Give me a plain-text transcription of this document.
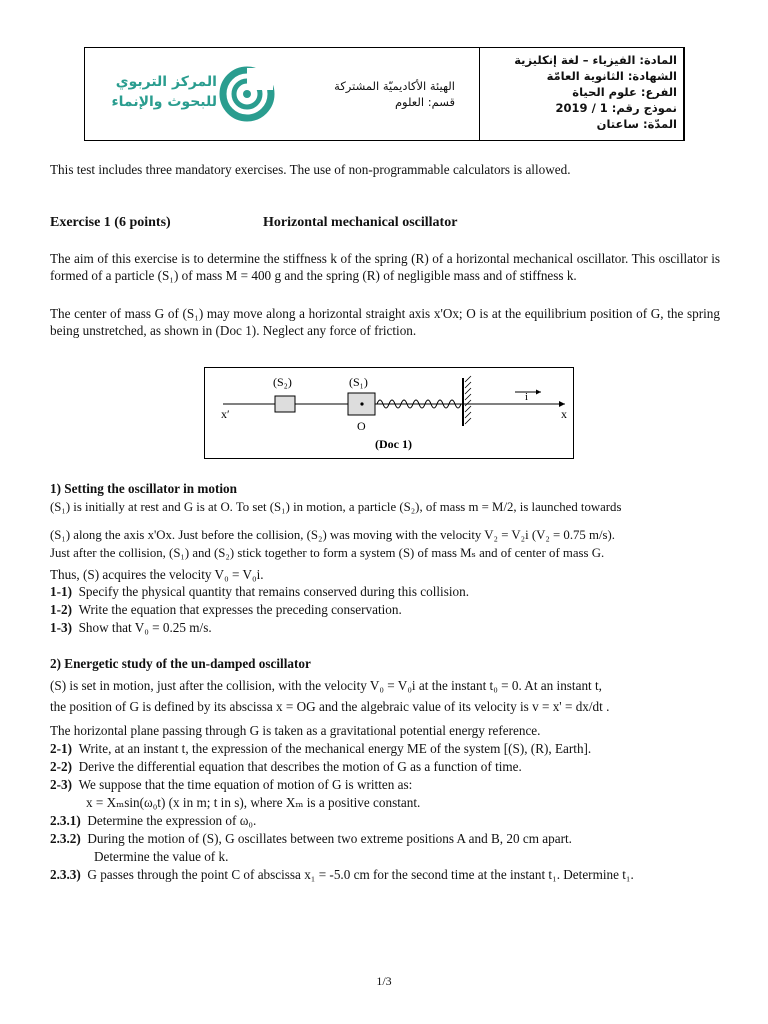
المركز التربوي
للبحوث والإنماء
الهيئة الأكاديميّة المشتركة
قسم: العلوم
المادة: الفيزياء – لغة إنكليزية
الشهادة: الثانوية العامّة
الفرع: علوم الحياة
نموذج رقم: 1 / 2019
المدّة: ساعتان
This test includes three mandatory exercises. The use of non-programmable calculators is allowed.
Exercise 1 (6 points)	Horizontal mechanical oscillator

The aim of this exercise is to determine the stiffness k of the spring (R) of a horizontal mechanical oscillator. This oscillator is formed of a particle (S₁) of mass M = 400 g and the spring (R) of negligible mass and of stiffness k.

The center of mass G of (S₁) may move along a horizontal straight axis x'Ox; O is at the equilibrium position of G, the spring being unstretched, as shown in (Doc 1). Neglect any force of friction.

(S₂)	(S₁)
x′	x
O
i
(Doc 1)
1) Setting the oscillator in motion
(S₁) is initially at rest and G is at O. To set (S₁) in motion, a particle (S₂), of mass m = M/2, is launched towards
(S₁) along the axis x'Ox. Just before the collision, (S₂) was moving with the velocity V₂ = V₂i (V₂ = 0.75 m/s).
Just after the collision, (S₁) and (S₂) stick together to form a system (S) of mass Mₛ and of center of mass G.
Thus, (S) acquires the velocity V₀ = V₀i.
1-1) Specify the physical quantity that remains conserved during this collision.
1-2) Write the equation that expresses the preceding conservation.
1-3) Show that V₀ = 0.25 m/s.
2) Energetic study of the un-damped oscillator
(S) is set in motion, just after the collision, with the velocity V₀ = V₀i at the instant t₀ = 0. At an instant t,
the position of G is defined by its abscissa x = OG and the algebraic value of its velocity is v = x' = dx/dt .
The horizontal plane passing through G is taken as a gravitational potential energy reference.
2-1) Write, at an instant t, the expression of the mechanical energy ME of the system [(S), (R), Earth].
2-2) Derive the differential equation that describes the motion of G as a function of time.
2-3) We suppose that the time equation of motion of G is written as:
x = Xₘsin(ω₀t) (x in m; t in s), where Xₘ is a positive constant.
2.3.1) Determine the expression of ω₀.
2.3.2) During the motion of (S), G oscillates between two extreme positions A and B, 20 cm apart.
Determine the value of k.
2.3.3) G passes through the point C of abscissa x₁ = -5.0 cm for the second time at the instant t₁. Determine t₁.
1/3
